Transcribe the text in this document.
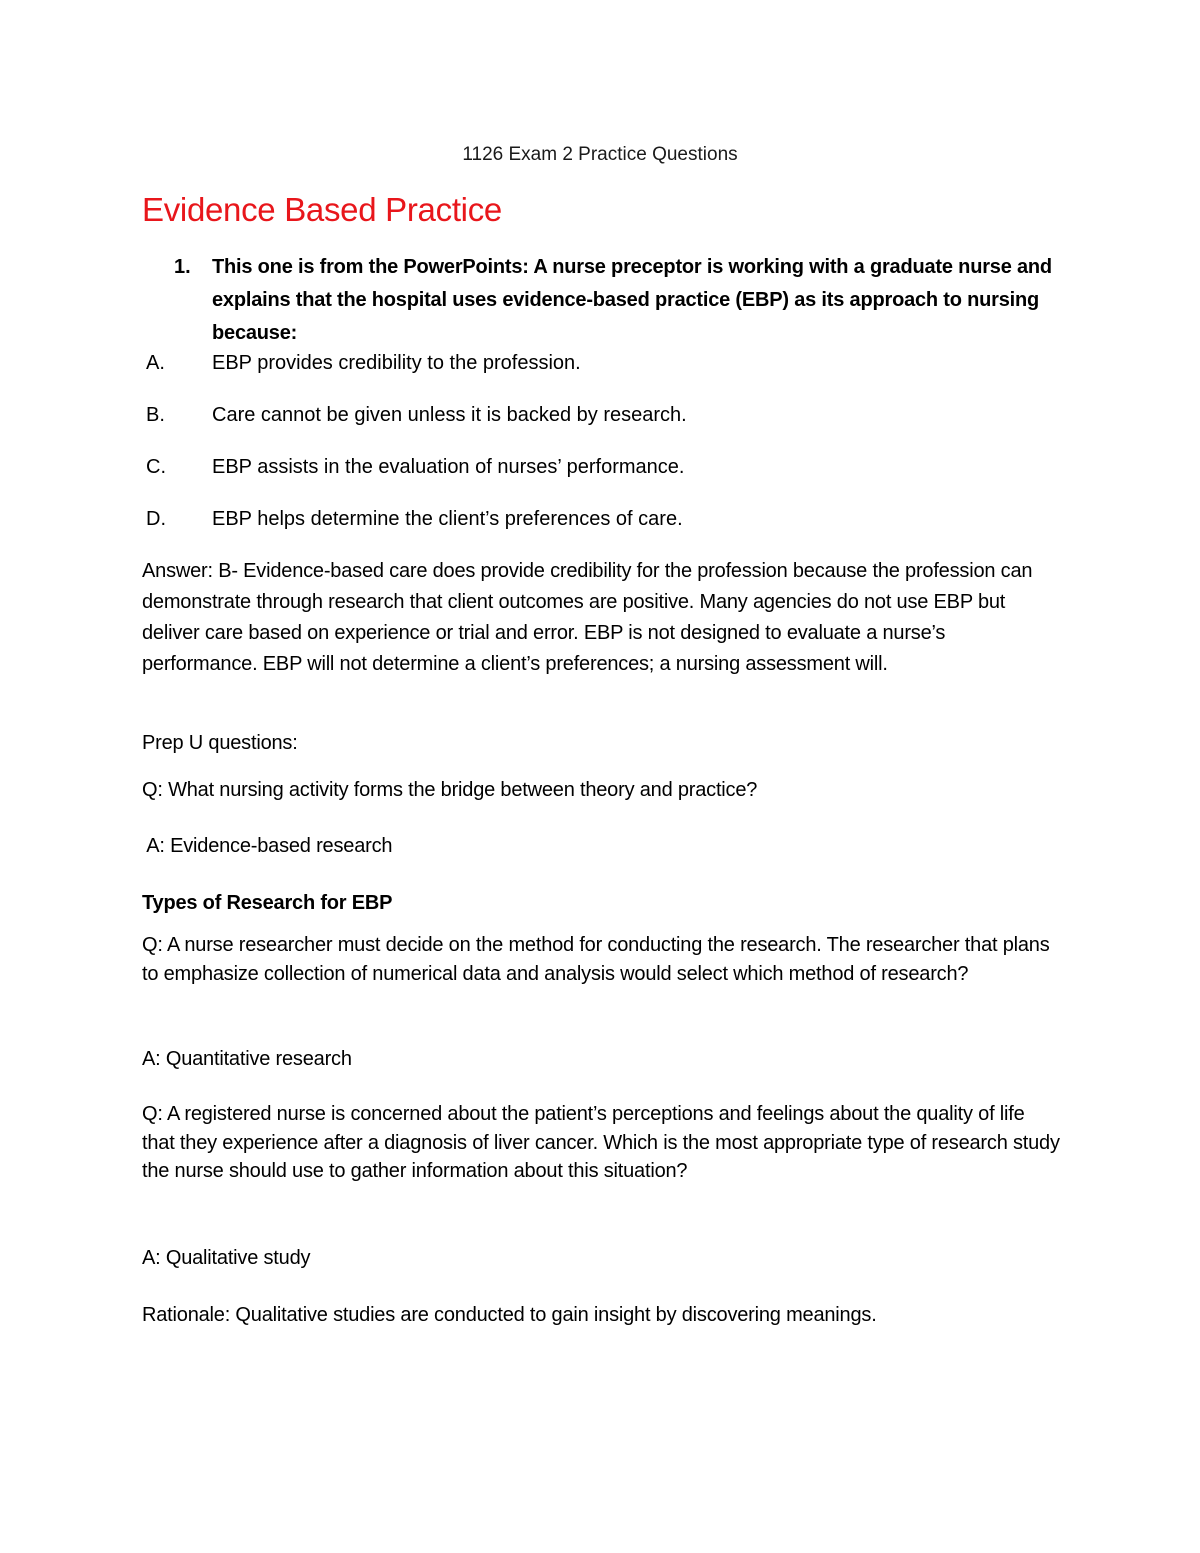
1126 Exam 2 Practice Questions
Evidence Based Practice
1. This one is from the PowerPoints: A nurse preceptor is working with a graduate nurse and explains that the hospital uses evidence-based practice (EBP) as its approach to nursing because:
A. EBP provides credibility to the profession.
B. Care cannot be given unless it is backed by research.
C. EBP assists in the evaluation of nurses’ performance.
D. EBP helps determine the client’s preferences of care.

Answer: B- Evidence-based care does provide credibility for the profession because the profession can demonstrate through research that client outcomes are positive. Many agencies do not use EBP but deliver care based on experience or trial and error. EBP is not designed to evaluate a nurse’s performance. EBP will not determine a client’s preferences; a nursing assessment will.

Prep U questions:

Q: What nursing activity forms the bridge between theory and practice?

A: Evidence-based research

Types of Research for EBP

Q: A nurse researcher must decide on the method for conducting the research. The researcher that plans to emphasize collection of numerical data and analysis would select which method of research?

A: Quantitative research

Q: A registered nurse is concerned about the patient’s perceptions and feelings about the quality of life that they experience after a diagnosis of liver cancer. Which is the most appropriate type of research study the nurse should use to gather information about this situation?

A: Qualitative study

Rationale: Qualitative studies are conducted to gain insight by discovering meanings.
